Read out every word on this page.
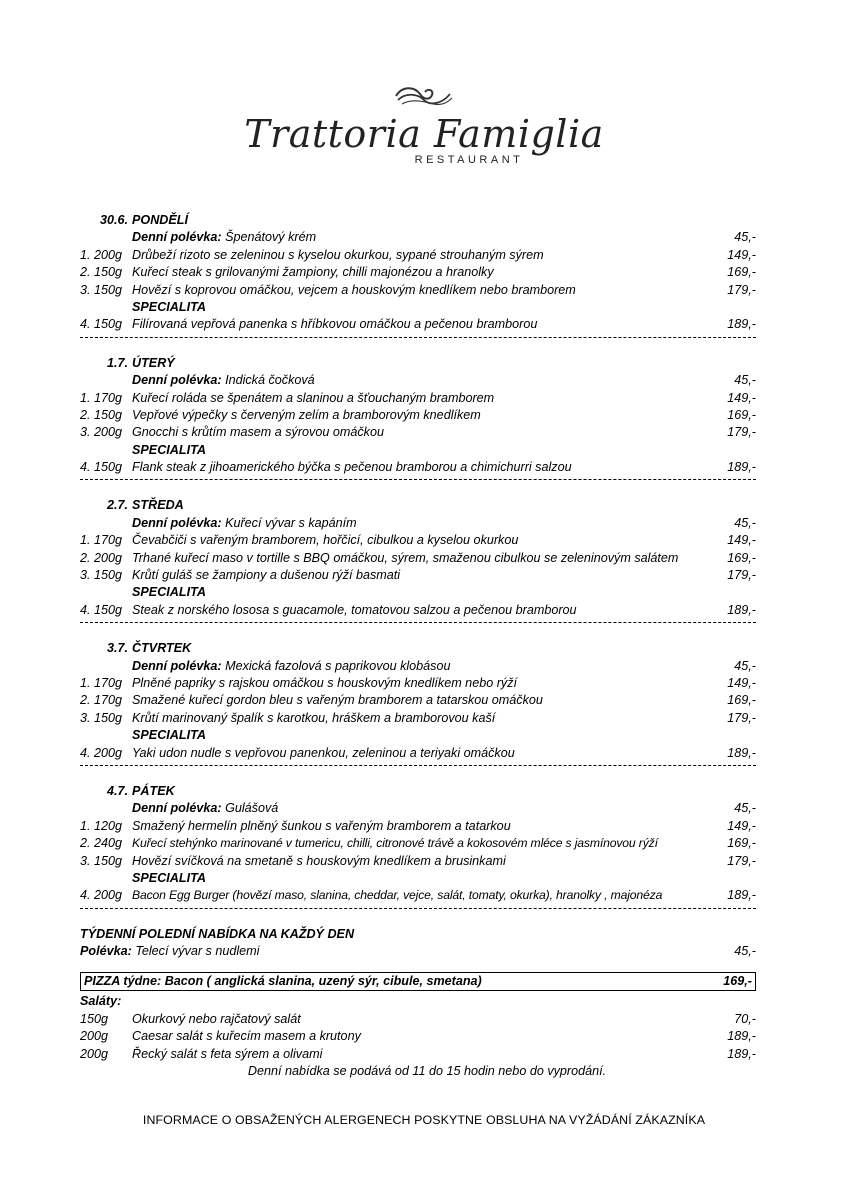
Trattoria Famiglia
RESTAURANT
30.6. PONDĚLÍ
Denní polévka: Špenátový krém	45,-
1. 200g Drůbeží rizoto se zeleninou s kyselou okurkou, sypané strouhaným sýrem	149,-
2. 150g Kuřecí steak s grilovanými žampiony, chilli majonézou a hranolky	169,-
3. 150g Hovězí s koprovou omáčkou, vejcem a houskovým knedlíkem nebo bramborem	179,-
SPECIALITA
4. 150g Filírovaná vepřová panenka s hříbkovou omáčkou a pečenou bramborou	189,-
1.7. ÚTERÝ
Denní polévka: Indická čočková	45,-
1. 170g Kuřecí roláda se špenátem a slaninou a šťouchaným bramborem	149,-
2. 150g Vepřové výpečky s červeným zelím a bramborovým knedlíkem	169,-
3. 200g Gnocchi s krůtím masem a sýrovou omáčkou	179,-
SPECIALITA
4. 150g Flank steak z jihoamerického býčka s pečenou bramborou a chimichurri salzou	189,-
2.7. STŘEDA
Denní polévka: Kuřecí vývar s kapáním	45,-
1. 170g Čevabčiči s vařeným bramborem, hořčicí, cibulkou a kyselou okurkou	149,-
2. 200g Trhané kuřecí maso v tortille s BBQ omáčkou, sýrem, smaženou cibulkou se zeleninovým salátem	169,-
3. 150g Krůtí guláš se žampiony a dušenou rýží basmati	179,-
SPECIALITA
4. 150g Steak z norského lososa s guacamole, tomatovou salzou a pečenou bramborou	189,-
3.7. ČTVRTEK
Denní polévka: Mexická fazolová s paprikovou klobásou	45,-
1. 170g Plněné papriky s rajskou omáčkou s houskovým knedlíkem nebo rýží	149,-
2. 170g Smažené kuřecí gordon bleu s vařeným bramborem a tatarskou omáčkou	169,-
3. 150g Krůtí marinovaný špalík s karotkou, hráškem a bramborovou kaší	179,-
SPECIALITA
4. 200g Yaki udon nudle s vepřovou panenkou, zeleninou a teriyaki omáčkou	189,-
4.7. PÁTEK
Denní polévka: Gulášová	45,-
1. 120g Smažený hermelín plněný šunkou s vařeným bramborem a tatarkou	149,-
2. 240g Kuřecí stehýnko marinované v tumericu, chilli, citronové trávě a kokosovém mléce s jasmínovou rýží	169,-
3. 150g Hovězí svíčková na smetaně s houskovým knedlíkem a brusinkami	179,-
SPECIALITA
4. 200g Bacon Egg Burger (hovězí maso, slanina, cheddar, vejce, salát, tomaty, okurka), hranolky , majonéza	189,-
TÝDENNÍ POLEDNÍ NABÍDKA NA KAŽDÝ DEN
Polévka: Telecí vývar s nudlemi	45,-
PIZZA týdne: Bacon ( anglická slanina, uzený sýr, cibule, smetana)	169,-
Saláty:
150g Okurkový nebo rajčatový salát	70,-
200g Caesar salát s kuřecím masem a krutony	189,-
200g Řecký salát s feta sýrem a olivami	189,-
Denní nabídka se podává od 11 do 15 hodin nebo do vyprodání.
INFORMACE O OBSAŽENÝCH ALERGENECH POSKYTNE OBSLUHA NA VYŽÁDÁNÍ ZÁKAZNÍKA
